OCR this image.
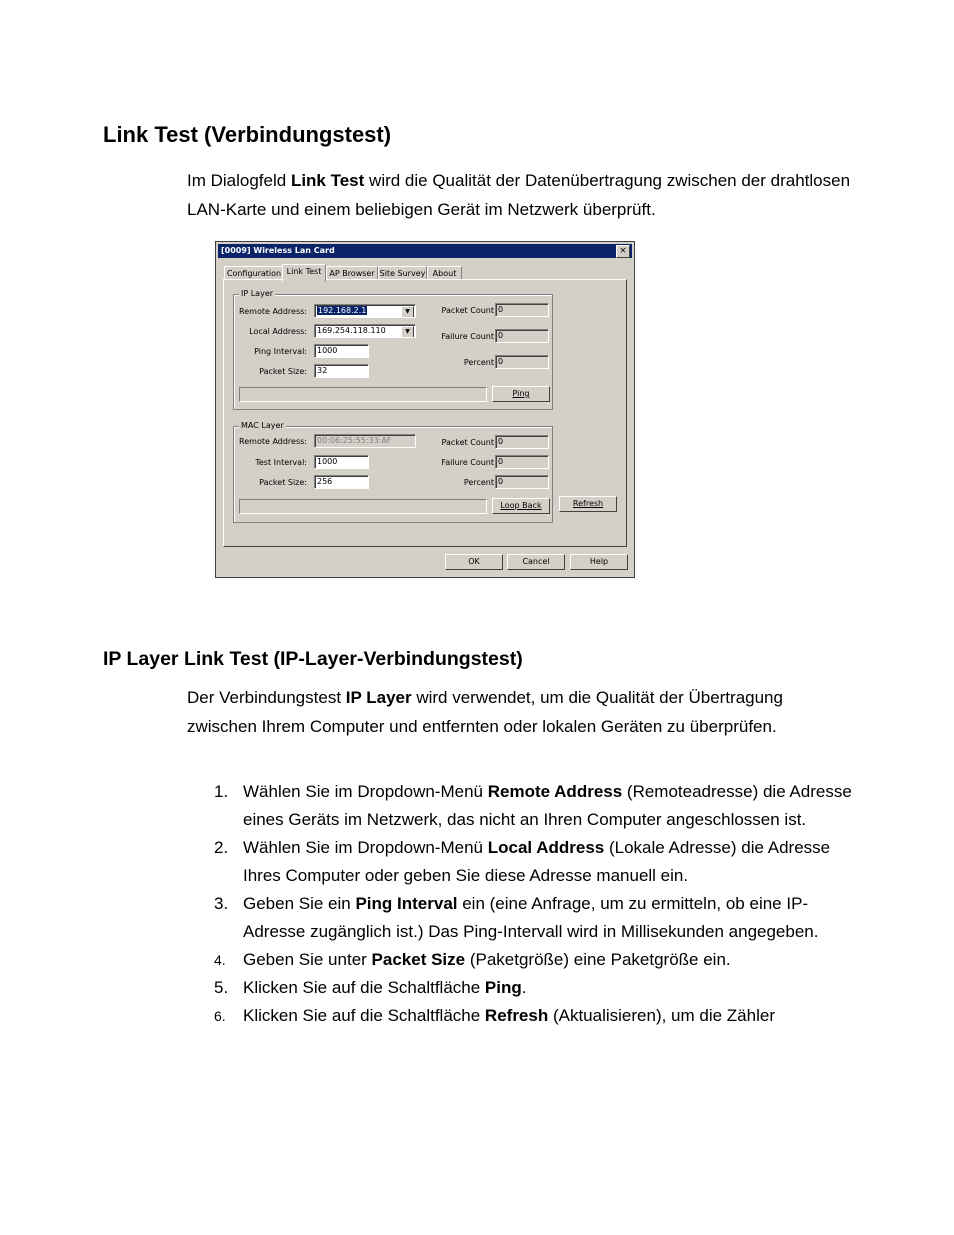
Link Test (Verbindungstest)

Im Dialogfeld Link Test wird die Qualität der Datenübertragung zwischen der drahtlosen LAN-Karte und einem beliebigen Gerät im Netzwerk überprüft.

[0009] Wireless Lan Card	×
Configuration Link Test	AP Browser Site Survey About
IP Layer
Remote Address:	192.168.2.1	▼
Local Address:	169.254.118.110	▼
Ping Interval:	1000
Packet Size:	32
Packet Count 0
Failure Count 0
Percent 0
Ping
MAC Layer
Remote Address:	00:06:25:55:33:AF
Test Interval:	1000
Packet Size:	256
Packet Count 0
Failure Count 0
Percent 0
Loop Back	Refresh
OK	Cancel	Help
IP Layer Link Test (IP-Layer-Verbindungstest)

Der Verbindungstest IP Layer wird verwendet, um die Qualität der Übertragung zwischen Ihrem Computer und entfernten oder lokalen Geräten zu überprüfen.

1. Wählen Sie im Dropdown-Menü Remote Address (Remoteadresse) die Adresse eines Geräts im Netzwerk, das nicht an Ihren Computer angeschlossen ist.
2. Wählen Sie im Dropdown-Menü Local Address (Lokale Adresse) die Adresse Ihres Computer oder geben Sie diese Adresse manuell ein.
3. Geben Sie ein Ping Interval ein (eine Anfrage, um zu ermitteln, ob eine IP-Adresse zugänglich ist.) Das Ping-Intervall wird in Millisekunden angegeben.
4. Geben Sie unter Packet Size (Paketgröße) eine Paketgröße ein.
5. Klicken Sie auf die Schaltfläche Ping.
6. Klicken Sie auf die Schaltfläche Refresh (Aktualisieren), um die Zähler
